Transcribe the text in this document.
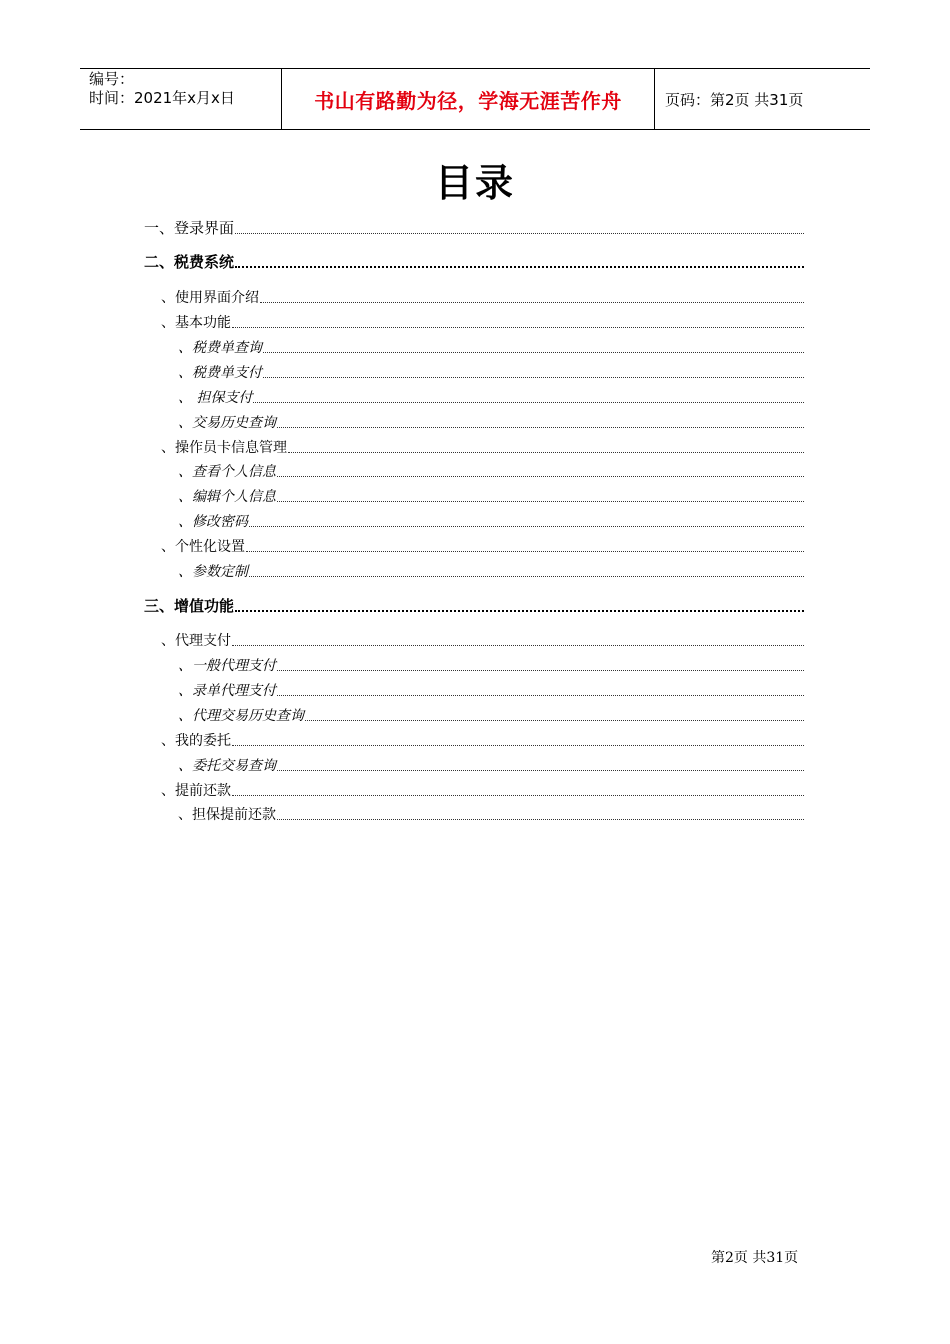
编号：
时间：2021年x月x日	书山有路勤为径，学海无涯苦作舟	页码：第2页 共31页
目录
一、登录界面
二、税费系统
、使用界面介绍
、基本功能
、税费单查询
、税费单支付
、 担保支付
、交易历史查询
、操作员卡信息管理
、查看个人信息
、编辑个人信息
、修改密码
、个性化设置
、参数定制
三、增值功能
、代理支付
、一般代理支付
、录单代理支付
、代理交易历史查询
、我的委托
、委托交易查询
、提前还款
、担保提前还款
第2页 共31页
